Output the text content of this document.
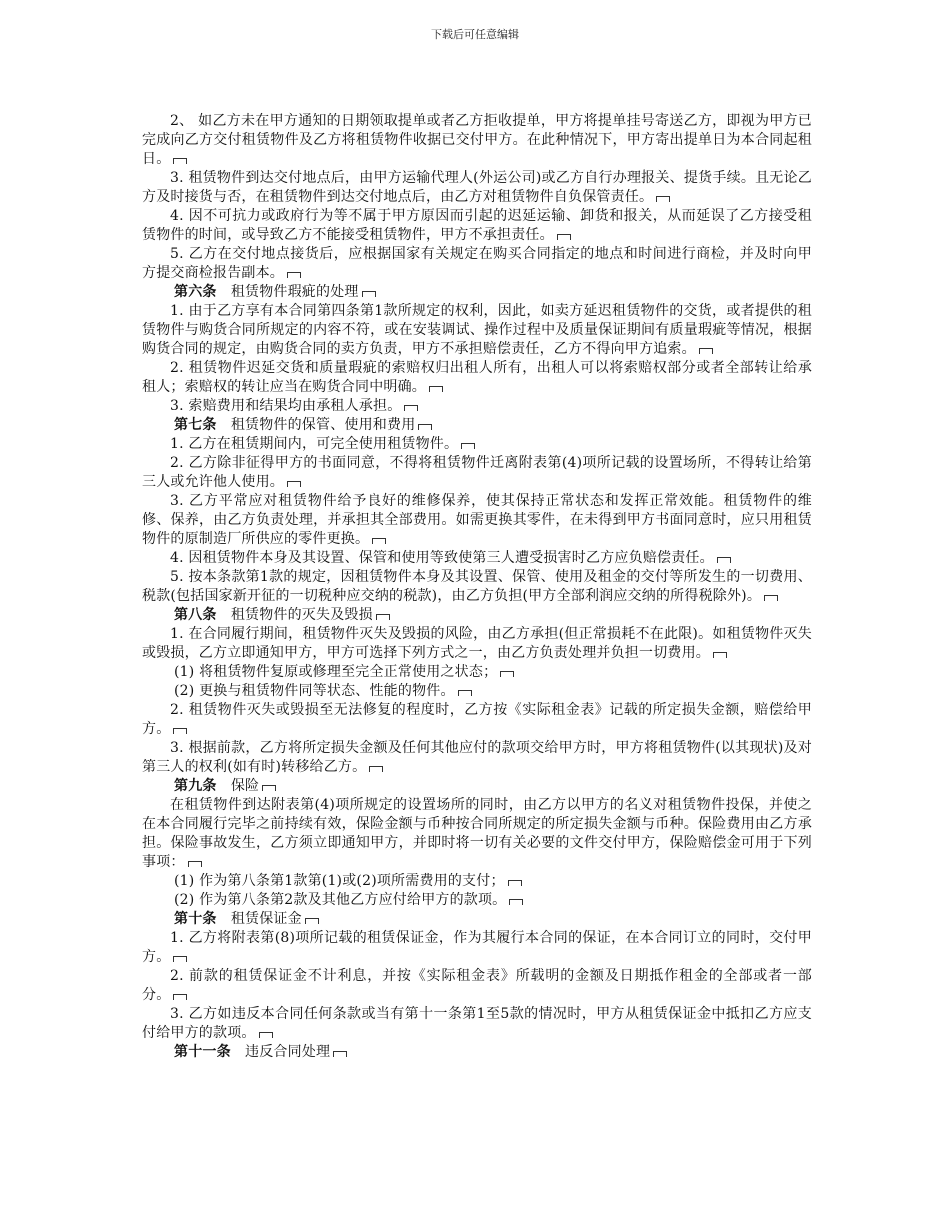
下载后可任意编辑

2、 如乙方未在甲方通知的日期领取提单或者乙方拒收提单，甲方将提单挂号寄送乙方，即视为甲方已完成向乙方交付租赁物件及乙方将租赁物件收据已交付甲方。在此种情况下，甲方寄出提单日为本合同起租日。

3. 租赁物件到达交付地点后，由甲方运输代理人(外运公司)或乙方自行办理报关、提货手续。且无论乙方及时接货与否，在租赁物件到达交付地点后，由乙方对租赁物件自负保管责任。

4. 因不可抗力或政府行为等不属于甲方原因而引起的迟延运输、卸货和报关，从而延误了乙方接受租赁物件的时间，或导致乙方不能接受租赁物件，甲方不承担责任。

5. 乙方在交付地点接货后，应根据国家有关规定在购买合同指定的地点和时间进行商检，并及时向甲方提交商检报告副本。

第六条　 租赁物件瑕疵的处理

1. 由于乙方享有本合同第四条第1款所规定的权利，因此，如卖方延迟租赁物件的交货，或者提供的租赁物件与购货合同所规定的内容不符，或在安装调试、操作过程中及质量保证期间有质量瑕疵等情况，根据购货合同的规定，由购货合同的卖方负责，甲方不承担赔偿责任，乙方不得向甲方追索。

2. 租赁物件迟延交货和质量瑕疵的索赔权归出租人所有，出租人可以将索赔权部分或者全部转让给承租人；索赔权的转让应当在购货合同中明确。

3. 索赔费用和结果均由承租人承担。

第七条　 租赁物件的保管、使用和费用

1. 乙方在租赁期间内，可完全使用租赁物件。

2. 乙方除非征得甲方的书面同意，不得将租赁物件迁离附表第(4)项所记载的设置场所，不得转让给第三人或允许他人使用。

3. 乙方平常应对租赁物件给予良好的维修保养，使其保持正常状态和发挥正常效能。租赁物件的维修、保养，由乙方负责处理，并承担其全部费用。如需更换其零件，在未得到甲方书面同意时，应只用租赁物件的原制造厂所供应的零件更换。

4. 因租赁物件本身及其设置、保管和使用等致使第三人遭受损害时乙方应负赔偿责任。

5. 按本条款第1款的规定，因租赁物件本身及其设置、保管、使用及租金的交付等所发生的一切费用、税款(包括国家新开征的一切税种应交纳的税款)，由乙方负担(甲方全部利润应交纳的所得税除外)。

第八条　 租赁物件的灭失及毁损

1. 在合同履行期间，租赁物件灭失及毁损的风险，由乙方承担(但正常损耗不在此限)。如租赁物件灭失或毁损，乙方立即通知甲方，甲方可选择下列方式之一，由乙方负责处理并负担一切费用。

(1) 将租赁物件复原或修理至完全正常使用之状态；

(2) 更换与租赁物件同等状态、性能的物件。

2. 租赁物件灭失或毁损至无法修复的程度时，乙方按《实际租金表》记载的所定损失金额，赔偿给甲方。

3. 根据前款，乙方将所定损失金额及任何其他应付的款项交给甲方时，甲方将租赁物件(以其现状)及对第三人的权利(如有时)转移给乙方。

第九条　 保险

在租赁物件到达附表第(4)项所规定的设置场所的同时，由乙方以甲方的名义对租赁物件投保，并使之在本合同履行完毕之前持续有效，保险金额与币种按合同所规定的所定损失金额与币种。保险费用由乙方承担。保险事故发生，乙方须立即通知甲方，并即时将一切有关必要的文件交付甲方，保险赔偿金可用于下列事项：

(1) 作为第八条第1款第(1)或(2)项所需费用的支付；

(2) 作为第八条第2款及其他乙方应付给甲方的款项。

第十条　 租赁保证金

1. 乙方将附表第(8)项所记载的租赁保证金，作为其履行本合同的保证，在本合同订立的同时，交付甲方。

2. 前款的租赁保证金不计利息，并按《实际租金表》所载明的金额及日期抵作租金的全部或者一部分。

3. 乙方如违反本合同任何条款或当有第十一条第1至5款的情况时，甲方从租赁保证金中抵扣乙方应支付给甲方的款项。

第十一条　 违反合同处理
